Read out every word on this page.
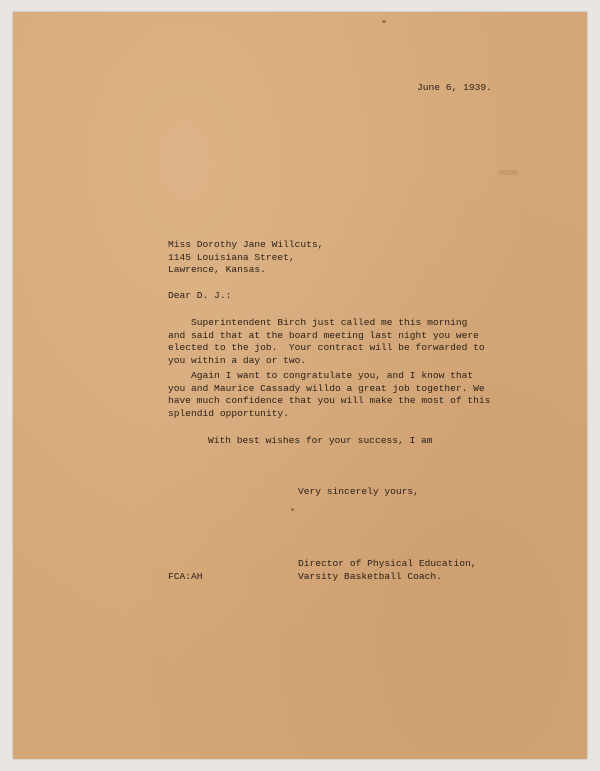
June 6, 1939.
Miss Dorothy Jane Willcuts,
1145 Louisiana Street,
Lawrence, Kansas.
Dear D. J.:
Superintendent Birch just called me this morning
and said that at the board meeting last night you were
elected to the job.  Your contract will be forwarded to
you within a day or two.
Again I want to congratulate you, and I know that
you and Maurice Cassady willdo a great job together. We
have much confidence that you will make the most of this
splendid opportunity.
With best wishes for your success, I am
Very sincerely yours,
Director of Physical Education,
Varsity Basketball Coach.
FCA:AH
